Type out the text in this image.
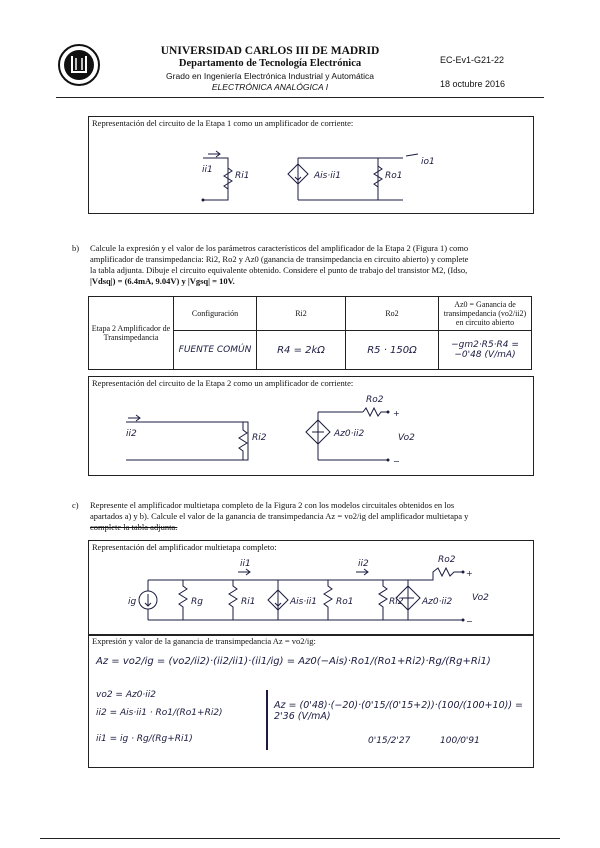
UNIVERSIDAD CARLOS III DE MADRID
Departamento de Tecnología Electrónica
Grado en Ingeniería Electrónica Industrial y Automática
ELECTRÓNICA ANALÓGICA I
EC-Ev1-G21-22
18 octubre 2016
Representación del circuito de la Etapa 1 como un amplificador de corriente:
ii1
Ri1	Ais·ii1	Ro1
io1
b) Calcule la expresión y el valor de los parámetros característicos del amplificador de la Etapa 2 (Figura 1) como
amplificador de transimpedancia: Ri2, Ro2 y Az0 (ganancia de transimpedancia en circuito abierto) y complete
la tabla adjunta. Dibuje el circuito equivalente obtenido. Considere el punto de trabajo del transistor M2, (Idso,
|Vdsq|) = (6.4mA, 9.04V) y |Vgsq| = 10V.
Etapa 2 Amplificador de Transimpedancia	Configuración	Ri2	Ro2	Az0 = Ganancia de transimpedancia (vo2/ii2) en circuito abierto
	FUENTE COMÚN	R4 = 2kΩ	R5 · 150Ω	−gm2·R5·R4 = −0'48 (V/mA)
Representación del circuito de la Etapa 2 como un amplificador de corriente:
+
−
ii2	Ri2	Az0·ii2
Ro2
Vo2
c) Represente el amplificador multietapa completo de la Figura 2 con los modelos circuitales obtenidos en los
apartados a) y b). Calcule el valor de la ganancia de transimpedancia Az = vo2/ig del amplificador multietapa y
complete la tabla adjunta.
Representación del amplificador multietapa completo:
+
−
ig	Rg	Ri1
ii1
Ais·ii1 Ro1
ii2
Ri2 Az0·ii2
Ro2
Vo2
Expresión y valor de la ganancia de transimpedancia Az = vo2/ig:
Az = vo2/ig = (vo2/ii2)·(ii2/ii1)·(ii1/ig) = Az0(−Ais)·Ro1/(Ro1+Ri2)·Rg/(Rg+Ri1)
vo2 = Az0·ii2
ii2 = Ais·ii1 · Ro1/(Ro1+Ri2)
ii1 = ig · Rg/(Rg+Ri1)
Az = (0'48)·(−20)·(0'15/(0'15+2))·(100/(100+10)) = 2'36 (V/mA)
0'15/2'27	100/0'91
